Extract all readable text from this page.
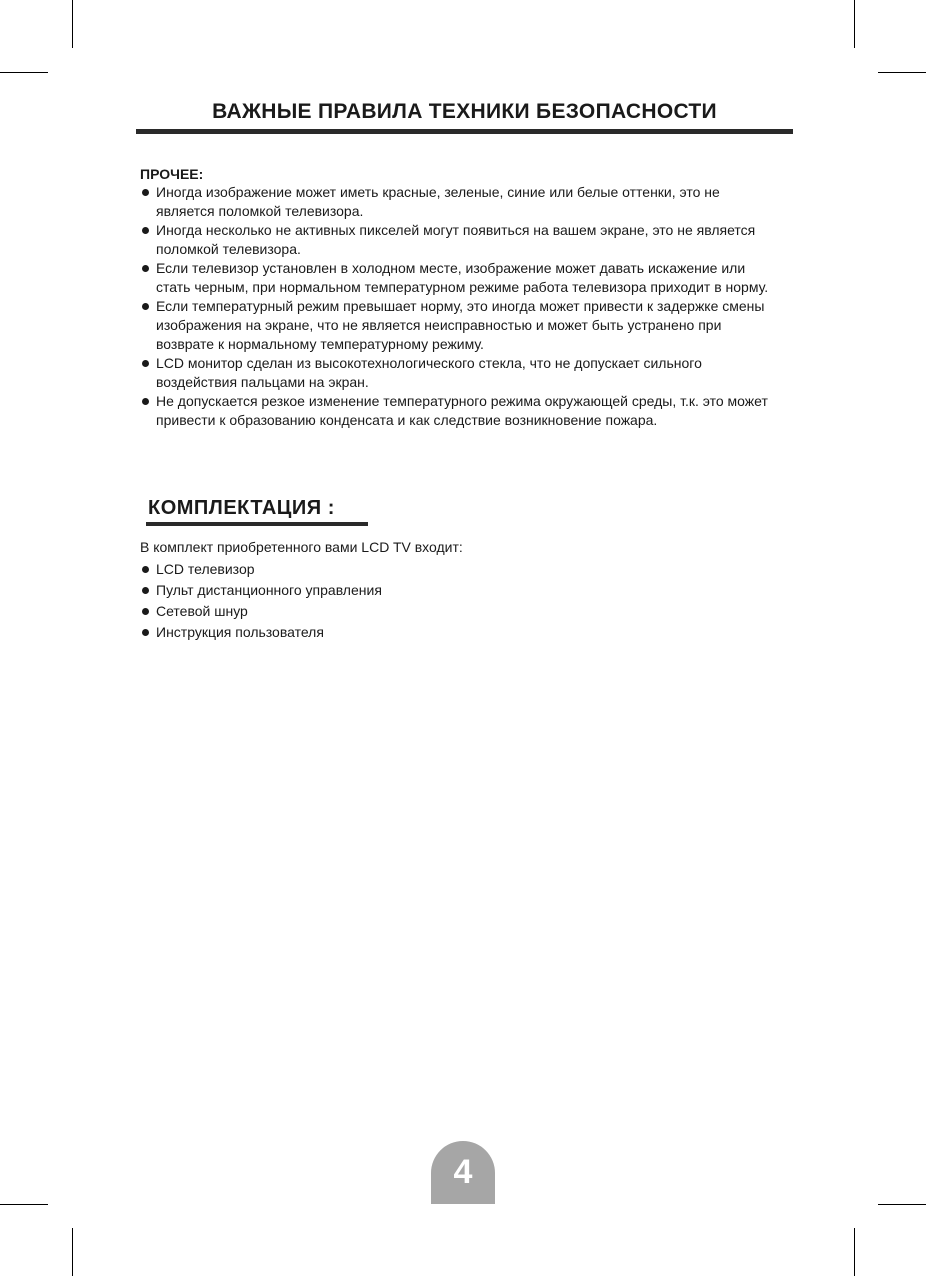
ВАЖНЫЕ ПРАВИЛА ТЕХНИКИ БЕЗОПАСНОСТИ
ПРОЧЕЕ:
Иногда изображение может иметь красные, зеленые, синие или белые оттенки, это не является поломкой телевизора.
Иногда несколько не активных пикселей могут появиться на вашем экране, это не является поломкой телевизора.
Если телевизор установлен в холодном месте, изображение может давать искажение или стать черным, при нормальном температурном режиме работа телевизора приходит в норму.
Если температурный режим превышает норму, это иногда может привести к задержке смены изображения на экране, что не является неисправностью и может быть устранено при возврате к нормальному температурному режиму.
LCD монитор сделан из высокотехнологического стекла, что не допускает сильного воздействия пальцами на экран.
Не допускается резкое изменение температурного режима окружающей среды, т.к. это может привести к образованию конденсата и как следствие возникновение пожара.
КОМПЛЕКТАЦИЯ :

В комплект приобретенного вами LCD TV входит:

LCD телевизор
Пульт дистанционного управления
Сетевой шнур
Инструкция пользователя
4
